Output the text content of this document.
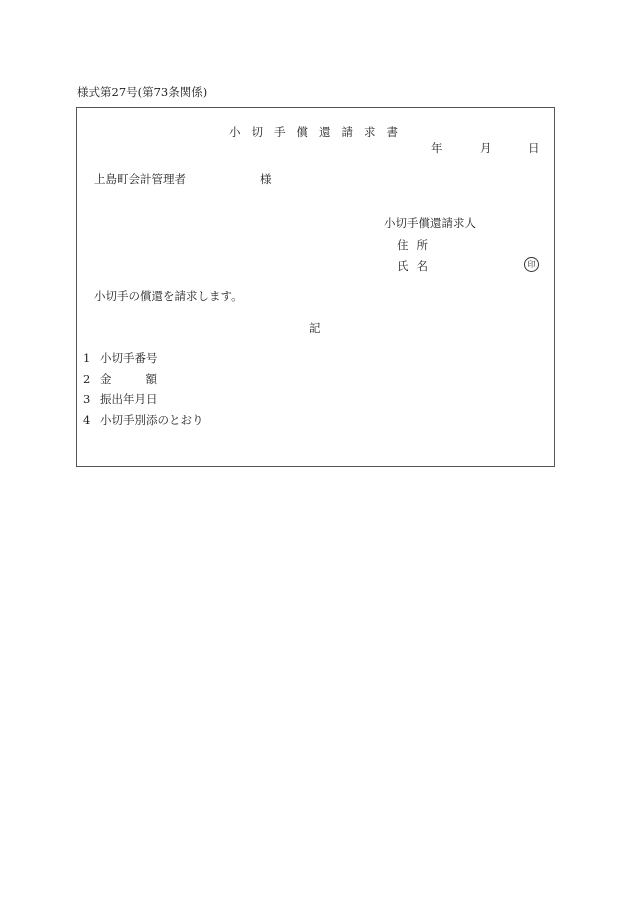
様式第27号(第73条関係)
小切手償還請求書
年	月	日
上島町会計管理者	様
小切手償還請求人
住所
氏名	印
小切手の償還を請求します。
記
1 小切手番号
2 金	額
3 振出年月日
4 小切手別添のとおり
